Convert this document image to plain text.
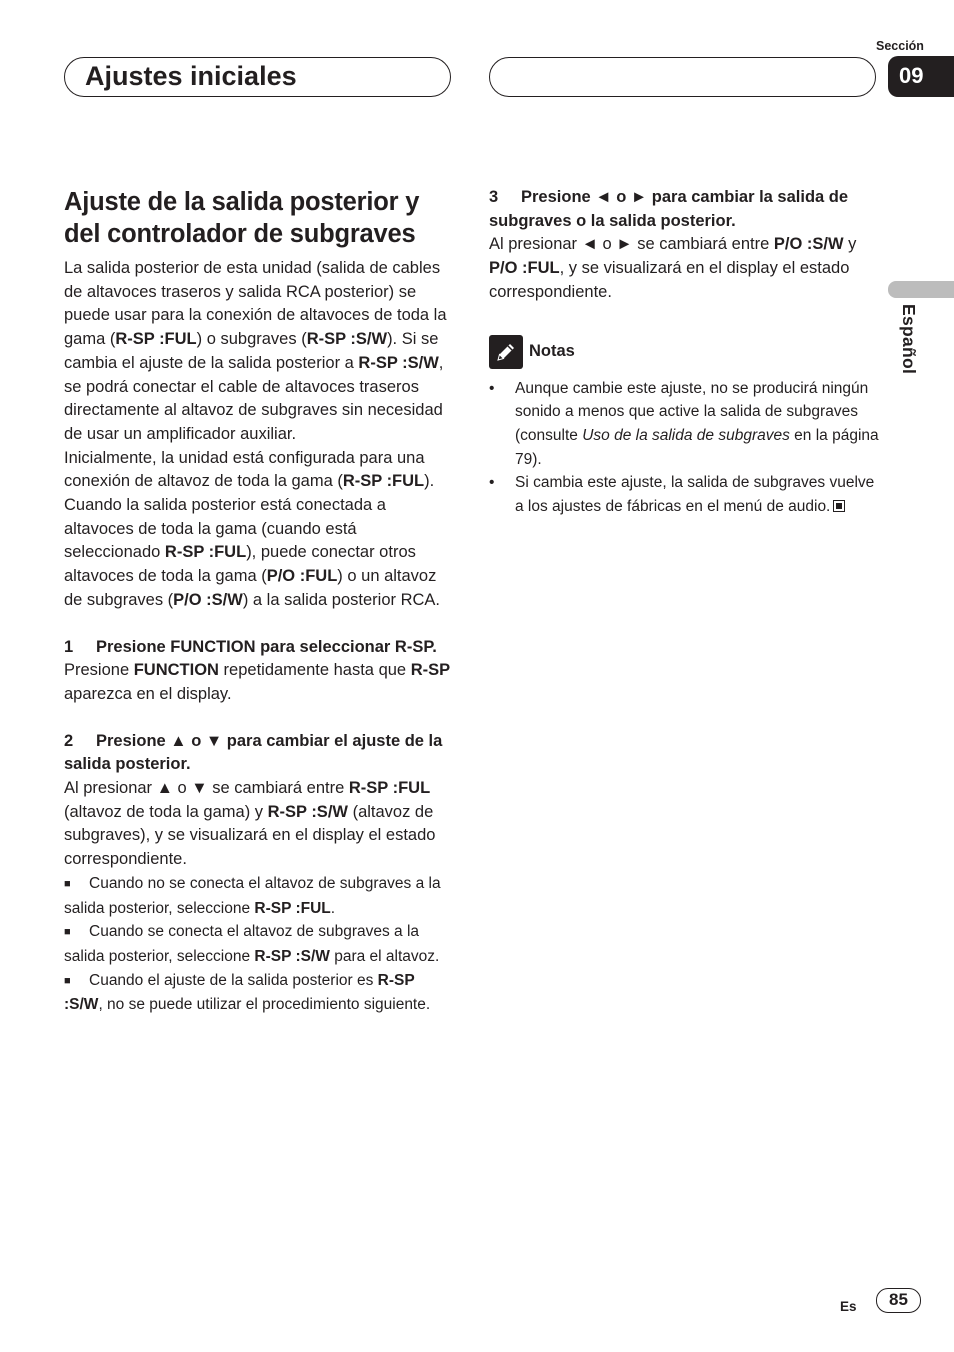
Ajustes iniciales
Sección
09
Español
Ajuste de la salida posterior y del controlador de subgraves

La salida posterior de esta unidad (salida de cables de altavoces traseros y salida RCA posterior) se puede usar para la conexión de altavoces de toda la gama (R-SP :FUL) o subgraves (R-SP :S/W). Si se cambia el ajuste de la salida posterior a R-SP :S/W, se podrá conectar el cable de altavoces traseros directamente al altavoz de subgraves sin necesidad de usar un amplificador auxiliar.

Inicialmente, la unidad está configurada para una conexión de altavoz de toda la gama (R-SP :FUL). Cuando la salida posterior está conectada a altavoces de toda la gama (cuando está seleccionado R-SP :FUL), puede conectar otros altavoces de toda la gama (P/O :FUL) o un altavoz de subgraves (P/O :S/W) a la salida posterior RCA.

1 Presione FUNCTION para seleccionar R-SP.

Presione FUNCTION repetidamente hasta que R-SP aparezca en el display.

2 Presione ▲ o ▼ para cambiar el ajuste de la salida posterior.

Al presionar ▲ o ▼ se cambiará entre R-SP :FUL (altavoz de toda la gama) y R-SP :S/W (altavoz de subgraves), y se visualizará en el display el estado correspondiente.

■ Cuando no se conecta el altavoz de subgraves a la salida posterior, seleccione R-SP :FUL.

■ Cuando se conecta el altavoz de subgraves a la salida posterior, seleccione R-SP :S/W para el altavoz.

■ Cuando el ajuste de la salida posterior es R-SP :S/W, no se puede utilizar el procedimiento siguiente.

3 Presione ◄ o ► para cambiar la salida de subgraves o la salida posterior.

Al presionar ◄ o ► se cambiará entre P/O :S/W y P/O :FUL, y se visualizará en el display el estado correspondiente.

Notas
• Aunque cambie este ajuste, no se producirá ningún sonido a menos que active la salida de subgraves (consulte Uso de la salida de subgraves en la página 79).
• Si cambia este ajuste, la salida de subgraves vuelve a los ajustes de fábricas en el menú de audio.
Es	85
